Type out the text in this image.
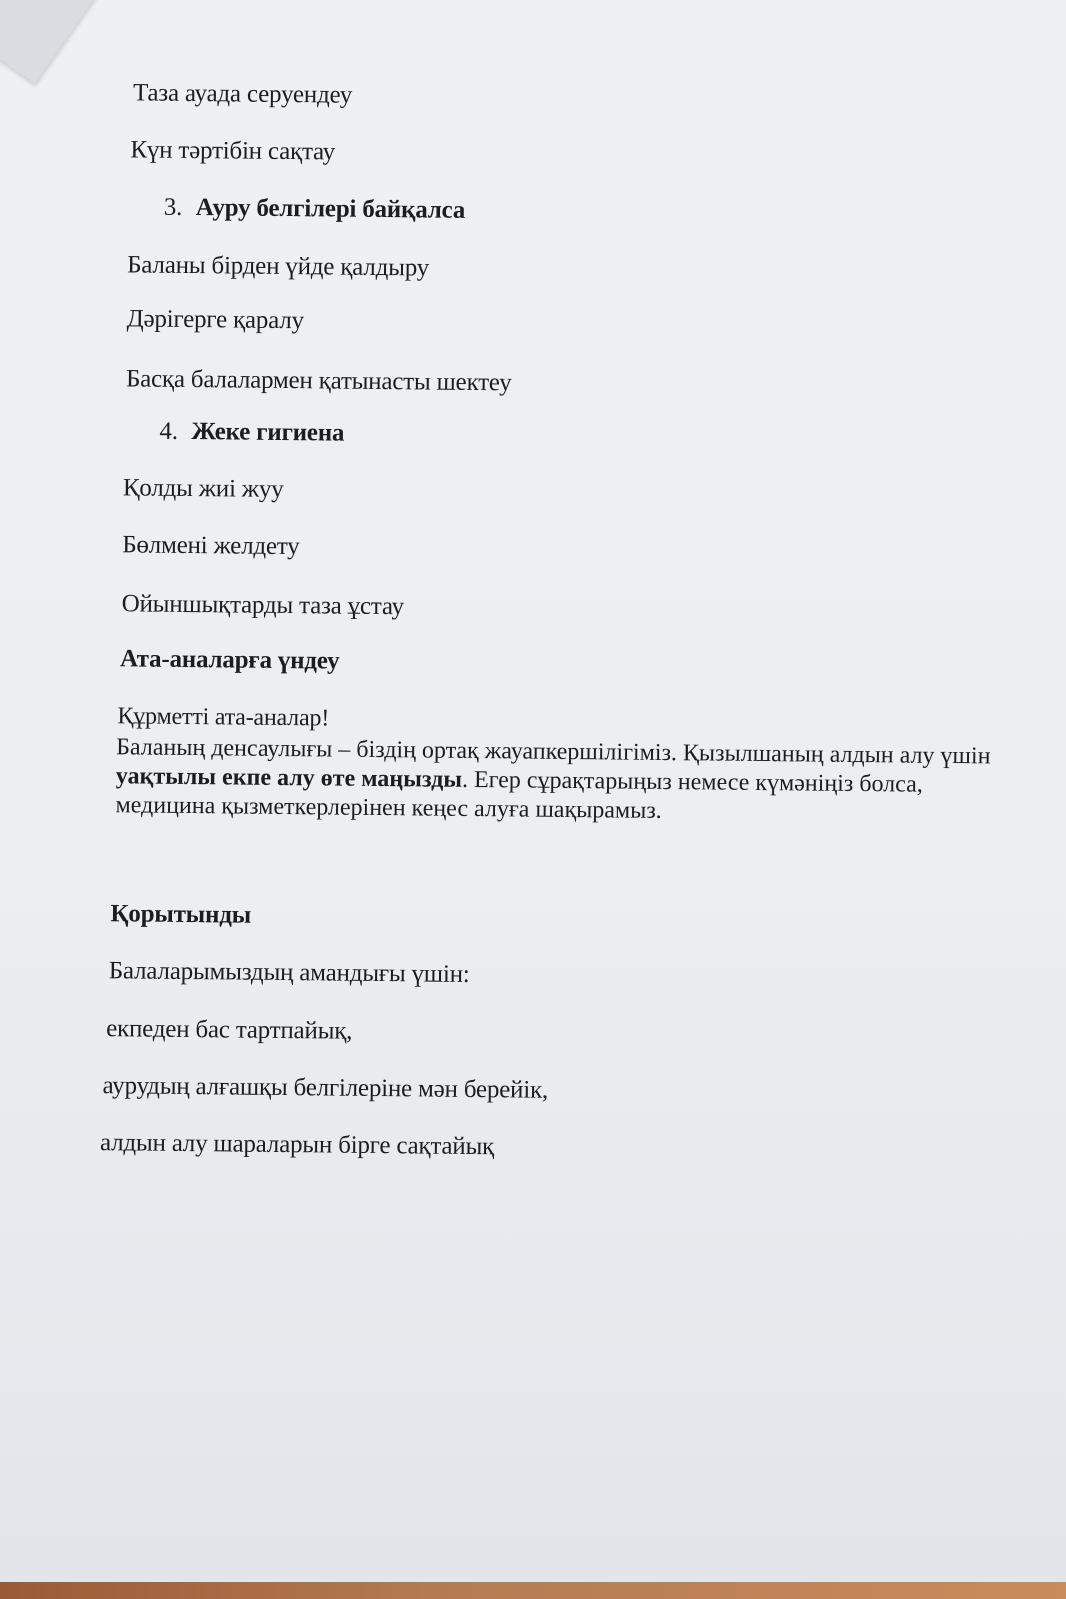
Таза ауада серуендеу
Күн тәртібін сақтау
3. Ауру белгілері байқалса
Баланы бірден үйде қалдыру
Дәрігерге қаралу
Басқа балалармен қатынасты шектеу
4. Жеке гигиена
Қолды жиі жуу
Бөлмені желдету
Ойыншықтарды таза ұстау
Ата-аналарға үндеу
Құрметті ата-аналар!
Баланың денсаулығы – біздің ортақ жауапкершілігіміз. Қызылшаның алдын алу үшін уақтылы екпе алу өте маңызды. Егер сұрақтарыңыз немесе күмәніңіз болса, медицина қызметкерлерінен кеңес алуға шақырамыз.
Қорытынды
Балаларымыздың амандығы үшін:
екпеден бас тартпайық,
аурудың алғашқы белгілеріне мән берейік,
алдын алу шараларын бірге сақтайық
